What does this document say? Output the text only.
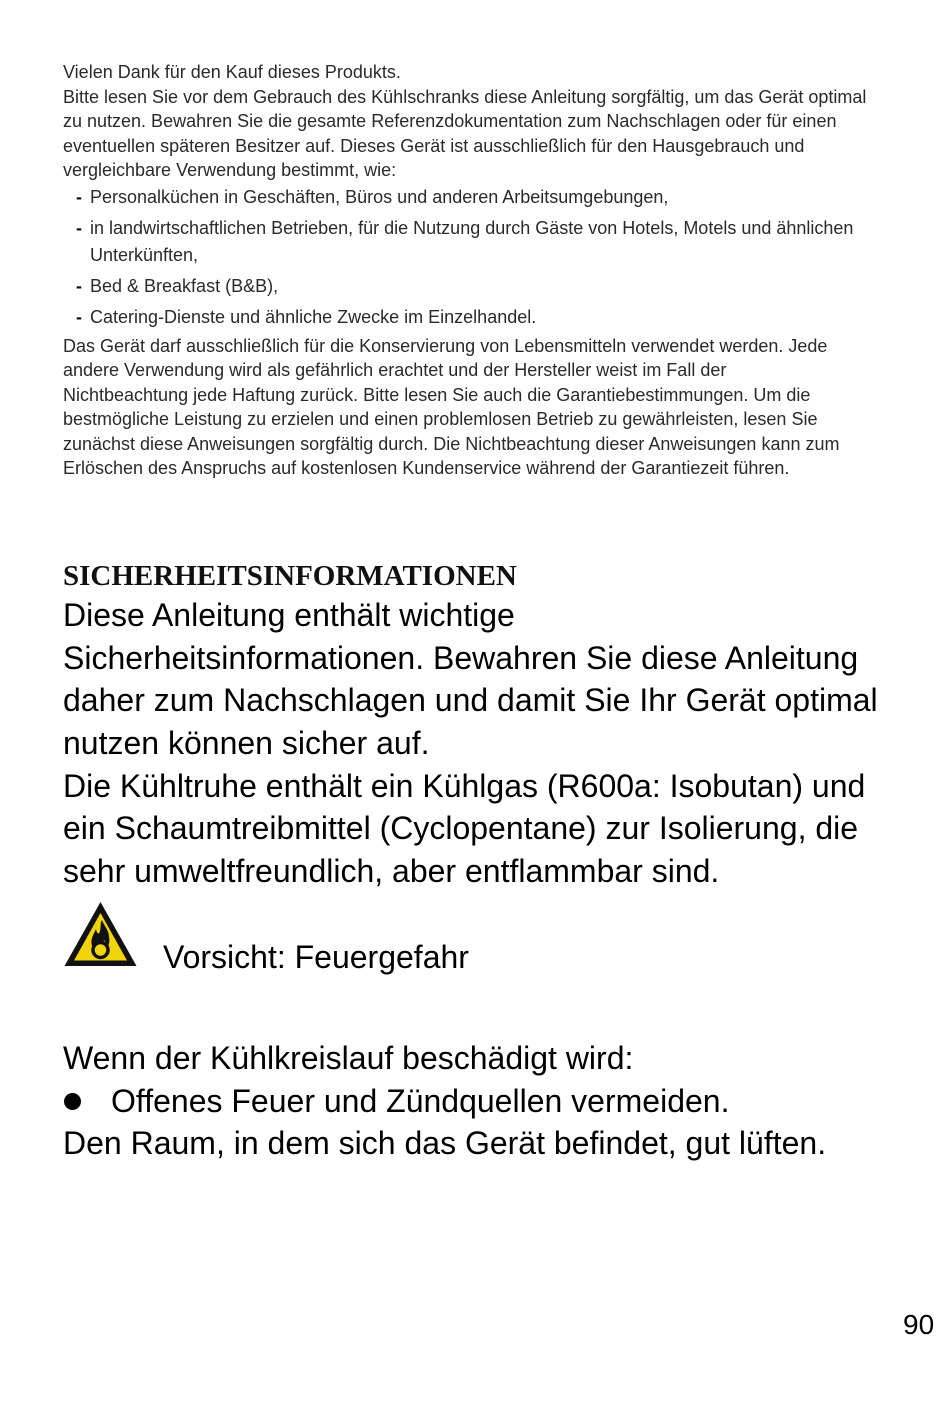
Vielen Dank für den Kauf dieses Produkts.
Bitte lesen Sie vor dem Gebrauch des Kühlschranks diese Anleitung sorgfältig, um das Gerät optimal
zu nutzen. Bewahren Sie die gesamte Referenzdokumentation zum Nachschlagen oder für einen
eventuellen späteren Besitzer auf. Dieses Gerät ist ausschließlich für den Hausgebrauch und
vergleichbare Verwendung bestimmt, wie:
- Personalküchen in Geschäften, Büros und anderen Arbeitsumgebungen,
- in landwirtschaftlichen Betrieben, für die Nutzung durch Gäste von Hotels, Motels und ähnlichen
Unterkünften,
- Bed & Breakfast (B&B),
- Catering-Dienste und ähnliche Zwecke im Einzelhandel.
Das Gerät darf ausschließlich für die Konservierung von Lebensmitteln verwendet werden. Jede
andere Verwendung wird als gefährlich erachtet und der Hersteller weist im Fall der
Nichtbeachtung jede Haftung zurück. Bitte lesen Sie auch die Garantiebestimmungen. Um die
bestmögliche Leistung zu erzielen und einen problemlosen Betrieb zu gewährleisten, lesen Sie
zunächst diese Anweisungen sorgfältig durch. Die Nichtbeachtung dieser Anweisungen kann zum
Erlöschen des Anspruchs auf kostenlosen Kundenservice während der Garantiezeit führen.
SICHERHEITSINFORMATIONEN
Diese Anleitung enthält wichtige
Sicherheitsinformationen. Bewahren Sie diese Anleitung
daher zum Nachschlagen und damit Sie Ihr Gerät optimal
nutzen können sicher auf.
Die Kühltruhe enthält ein Kühlgas (R600a: Isobutan) und
ein Schaumtreibmittel (Cyclopentane) zur Isolierung, die
sehr umweltfreundlich, aber entflammbar sind.
Vorsicht: Feuergefahr
Wenn der Kühlkreislauf beschädigt wird:
Offenes Feuer und Zündquellen vermeiden.
Den Raum, in dem sich das Gerät befindet, gut lüften.
90
